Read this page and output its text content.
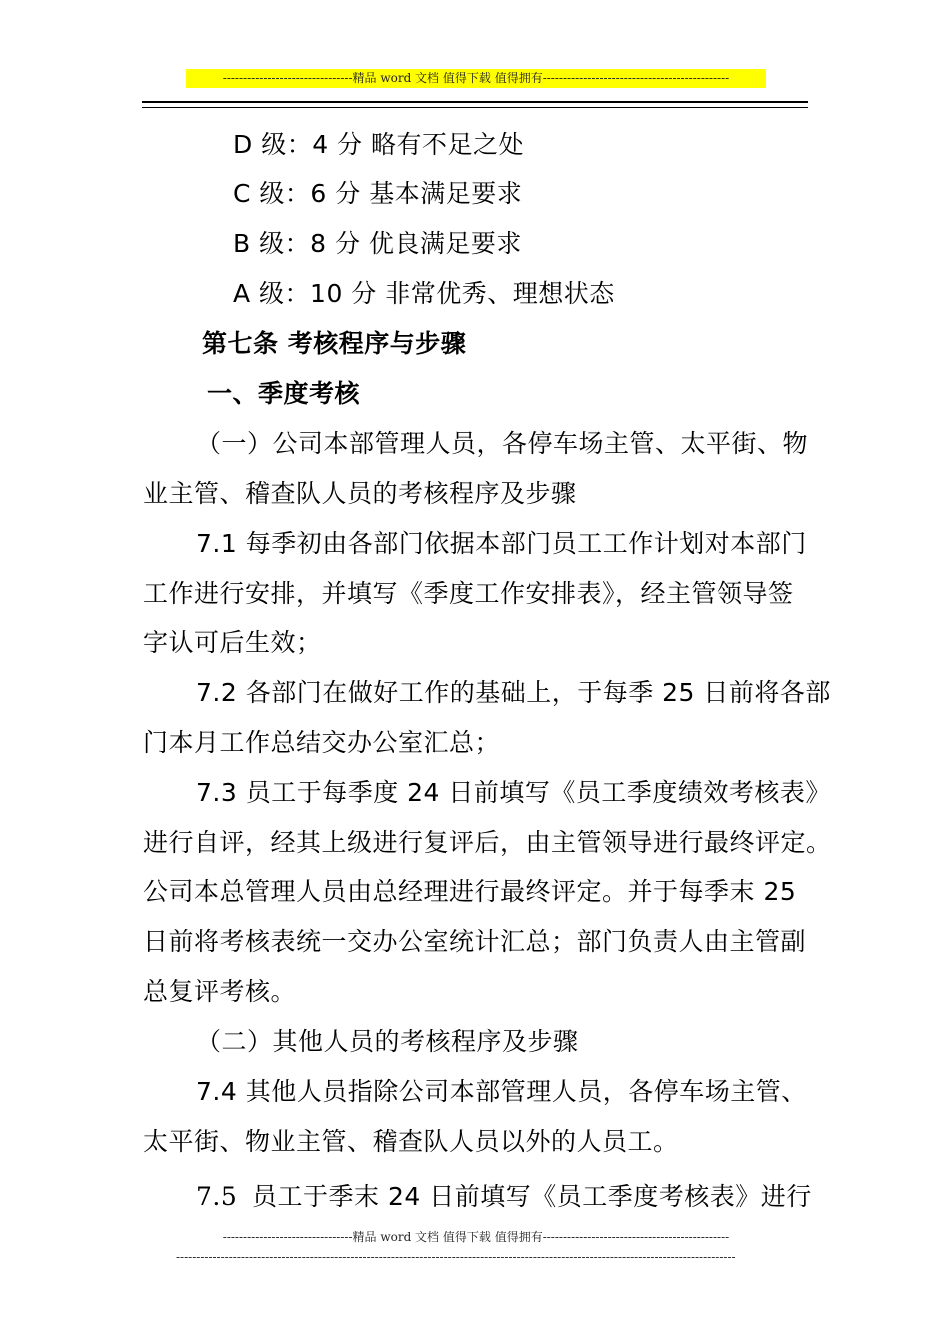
--------------------------------精品 word 文档 值得下载 值得拥有----------------------------------------------
D 级：4 分 略有不足之处
C 级：6 分 基本满足要求
B 级：8 分 优良满足要求
A 级：10 分 非常优秀、理想状态
第七条 考核程序与步骤
一、季度考核
（一）公司本部管理人员，各停车场主管、太平街、物
业主管、稽查队人员的考核程序及步骤
7.1 每季初由各部门依据本部门员工工作计划对本部门
工作进行安排，并填写《季度工作安排表》，经主管领导签
字认可后生效；
7.2 各部门在做好工作的基础上，于每季 25 日前将各部
门本月工作总结交办公室汇总；
7.3 员工于每季度 24 日前填写《员工季度绩效考核表》
进行自评，经其上级进行复评后，由主管领导进行最终评定。
公司本总管理人员由总经理进行最终评定。并于每季末 25
日前将考核表统一交办公室统计汇总；部门负责人由主管副
总复评考核。
（二）其他人员的考核程序及步骤
7.4 其他人员指除公司本部管理人员，各停车场主管、
太平街、物业主管、稽查队人员以外的人员工。
7.5 员工于季末 24 日前填写《员工季度考核表》进行
--------------------------------精品 word 文档 值得下载 值得拥有----------------------------------------------
------------------------------------------------------------------------------------------------------------------------------------------
